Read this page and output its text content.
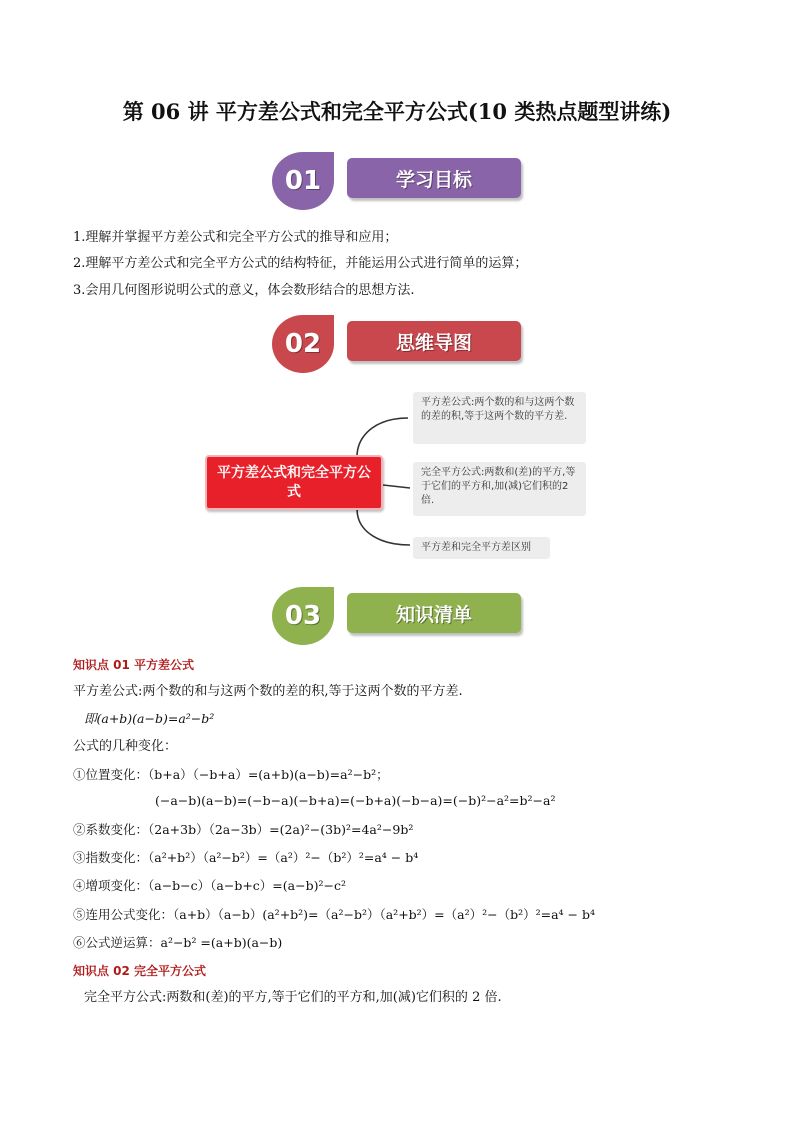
第 06 讲 平方差公式和完全平方公式(10 类热点题型讲练)
01	学习目标
1.理解并掌握平方差公式和完全平方公式的推导和应用；
2.理解平方差公式和完全平方公式的结构特征，并能运用公式进行简单的运算；
3.会用几何图形说明公式的意义，体会数形结合的思想方法.
02	思维导图
平方差公式和完全平方公式
平方差公式:两个数的和与这两个数的差的积,等于这两个数的平方差.
完全平方公式:两数和(差)的平方,等于它们的平方和,加(减)它们积的2倍.
平方差和完全平方差区别
03	知识清单
知识点 01 平方差公式
平方差公式:两个数的和与这两个数的差的积,等于这两个数的平方差.
即(a+b)(a−b)=a²−b²
公式的几种变化：
①位置变化：（b+a）（−b+a）=(a+b)(a−b)=a²−b²；
(−a−b)(a−b)=(−b−a)(−b+a)=(−b+a)(−b−a)=(−b)²−a²=b²−a²
②系数变化：（2a+3b）（2a−3b）=(2a)²−(3b)²=4a²−9b²
③指数变化：（a²+b²）（a²−b²）=（a²）²−（b²）²=a⁴ − b⁴
④增项变化：（a−b−c）（a−b+c）=(a−b)²−c²
⑤连用公式变化：（a+b）（a−b）(a²+b²)=（a²−b²）（a²+b²）=（a²）²−（b²）²=a⁴ − b⁴
⑥公式逆运算：a²−b² =(a+b)(a−b)
知识点 02 完全平方公式
完全平方公式:两数和(差)的平方,等于它们的平方和,加(减)它们积的 2 倍.
